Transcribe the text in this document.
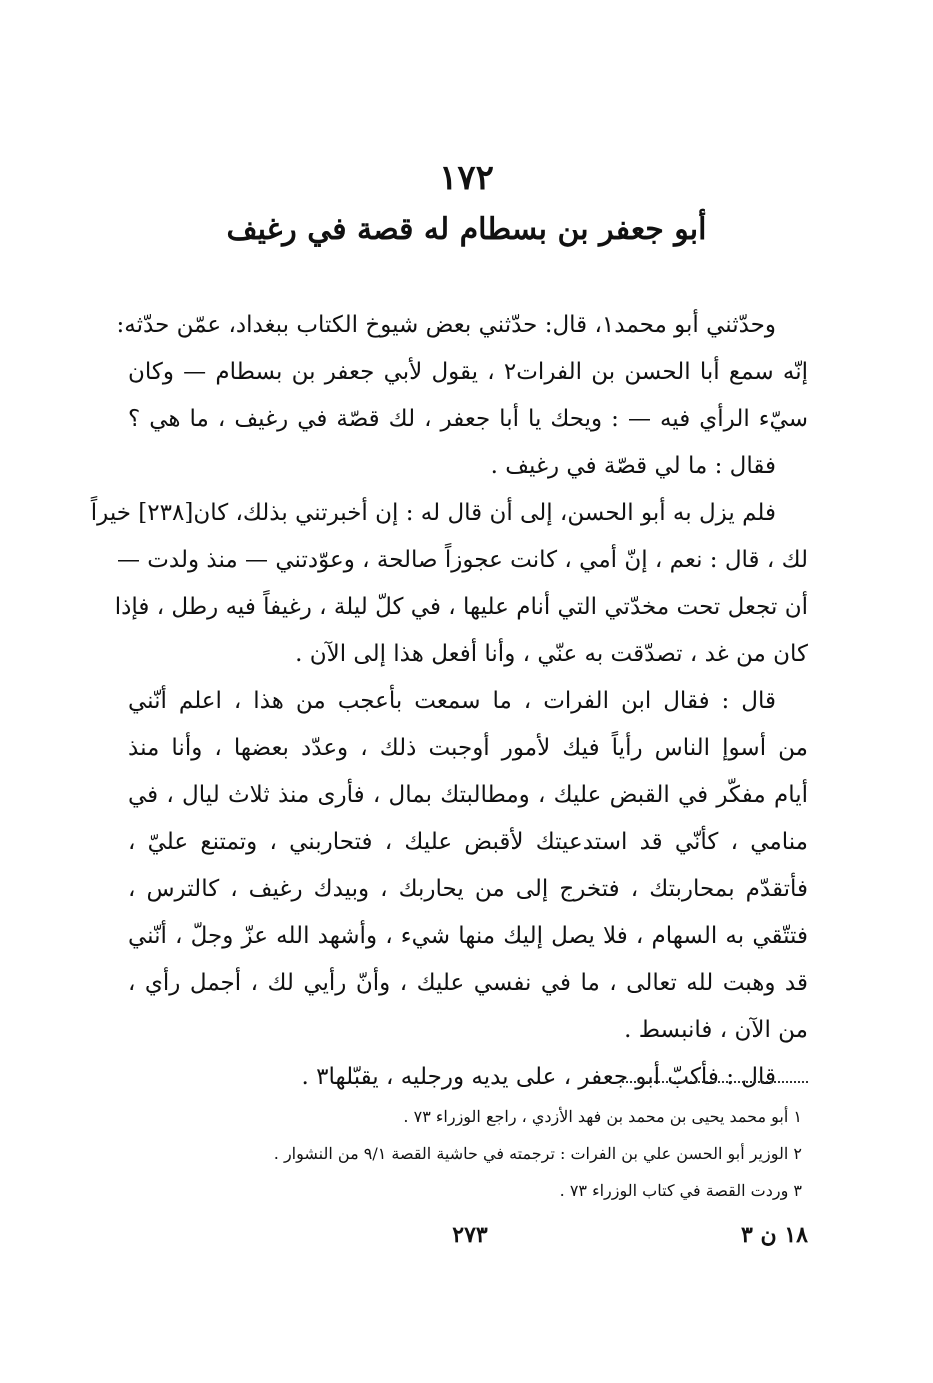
١٧٢
أبو جعفر بن بسطام له قصة في رغيف
وحدّثني أبو محمد١، قال: حدّثني بعض شيوخ الكتاب ببغداد، عمّن حدّثه:
إنّه سمع أبا الحسن بن الفرات٢ ، يقول لأبي جعفر بن بسطام — وكان
سيّء الرأي فيه — : ويحك يا أبا جعفر ، لك قصّة في رغيف ، ما هي ؟
فقال : ما لي قصّة في رغيف .
فلم يزل به أبو الحسن، إلى أن قال له : إن أخبرتني بذلك، كان[٢٣٨] خيراً
لك ، قال : نعم ، إنّ أمي ، كانت عجوزاً صالحة ، وعوّدتني — منذ ولدت —
أن تجعل تحت مخدّتي التي أنام عليها ، في كلّ ليلة ، رغيفاً فيه رطل ، فإذا
كان من غد ، تصدّقت به عنّي ، وأنا أفعل هذا إلى الآن .
قال : فقال ابن الفرات ، ما سمعت بأعجب من هذا ، اعلم أنّني
من أسوإ الناس رأياً فيك لأمور أوجبت ذلك ، وعدّد بعضها ، وأنا منذ
أيام مفكّر في القبض عليك ، ومطالبتك بمال ، فأرى منذ ثلاث ليال ، في
منامي ، كأنّي قد استدعيتك لأقبض عليك ، فتحاربني ، وتمتنع عليّ ،
فأتقدّم بمحاربتك ، فتخرج إلى من يحاربك ، وبيدك رغيف ، كالترس ،
فتتّقي به السهام ، فلا يصل إليك منها شيء ، وأشهد الله عزّ وجلّ ، أنّني
قد وهبت لله تعالى ، ما في نفسي عليك ، وأنّ رأيي لك ، أجمل رأي ،
من الآن ، فانبسط .
قال : فأكبّ أبو جعفر ، على يديه ورجليه ، يقبّلها٣ .
١ أبو محمد يحيى بن محمد بن فهد الأزدي ، راجع الوزراء ٧٣ .
٢ الوزير أبو الحسن علي بن الفرات : ترجمته في حاشية القصة ٩/١ من النشوار .
٣ وردت القصة في كتاب الوزراء ٧٣ .
٢٧٣	١٨ ن ٣
